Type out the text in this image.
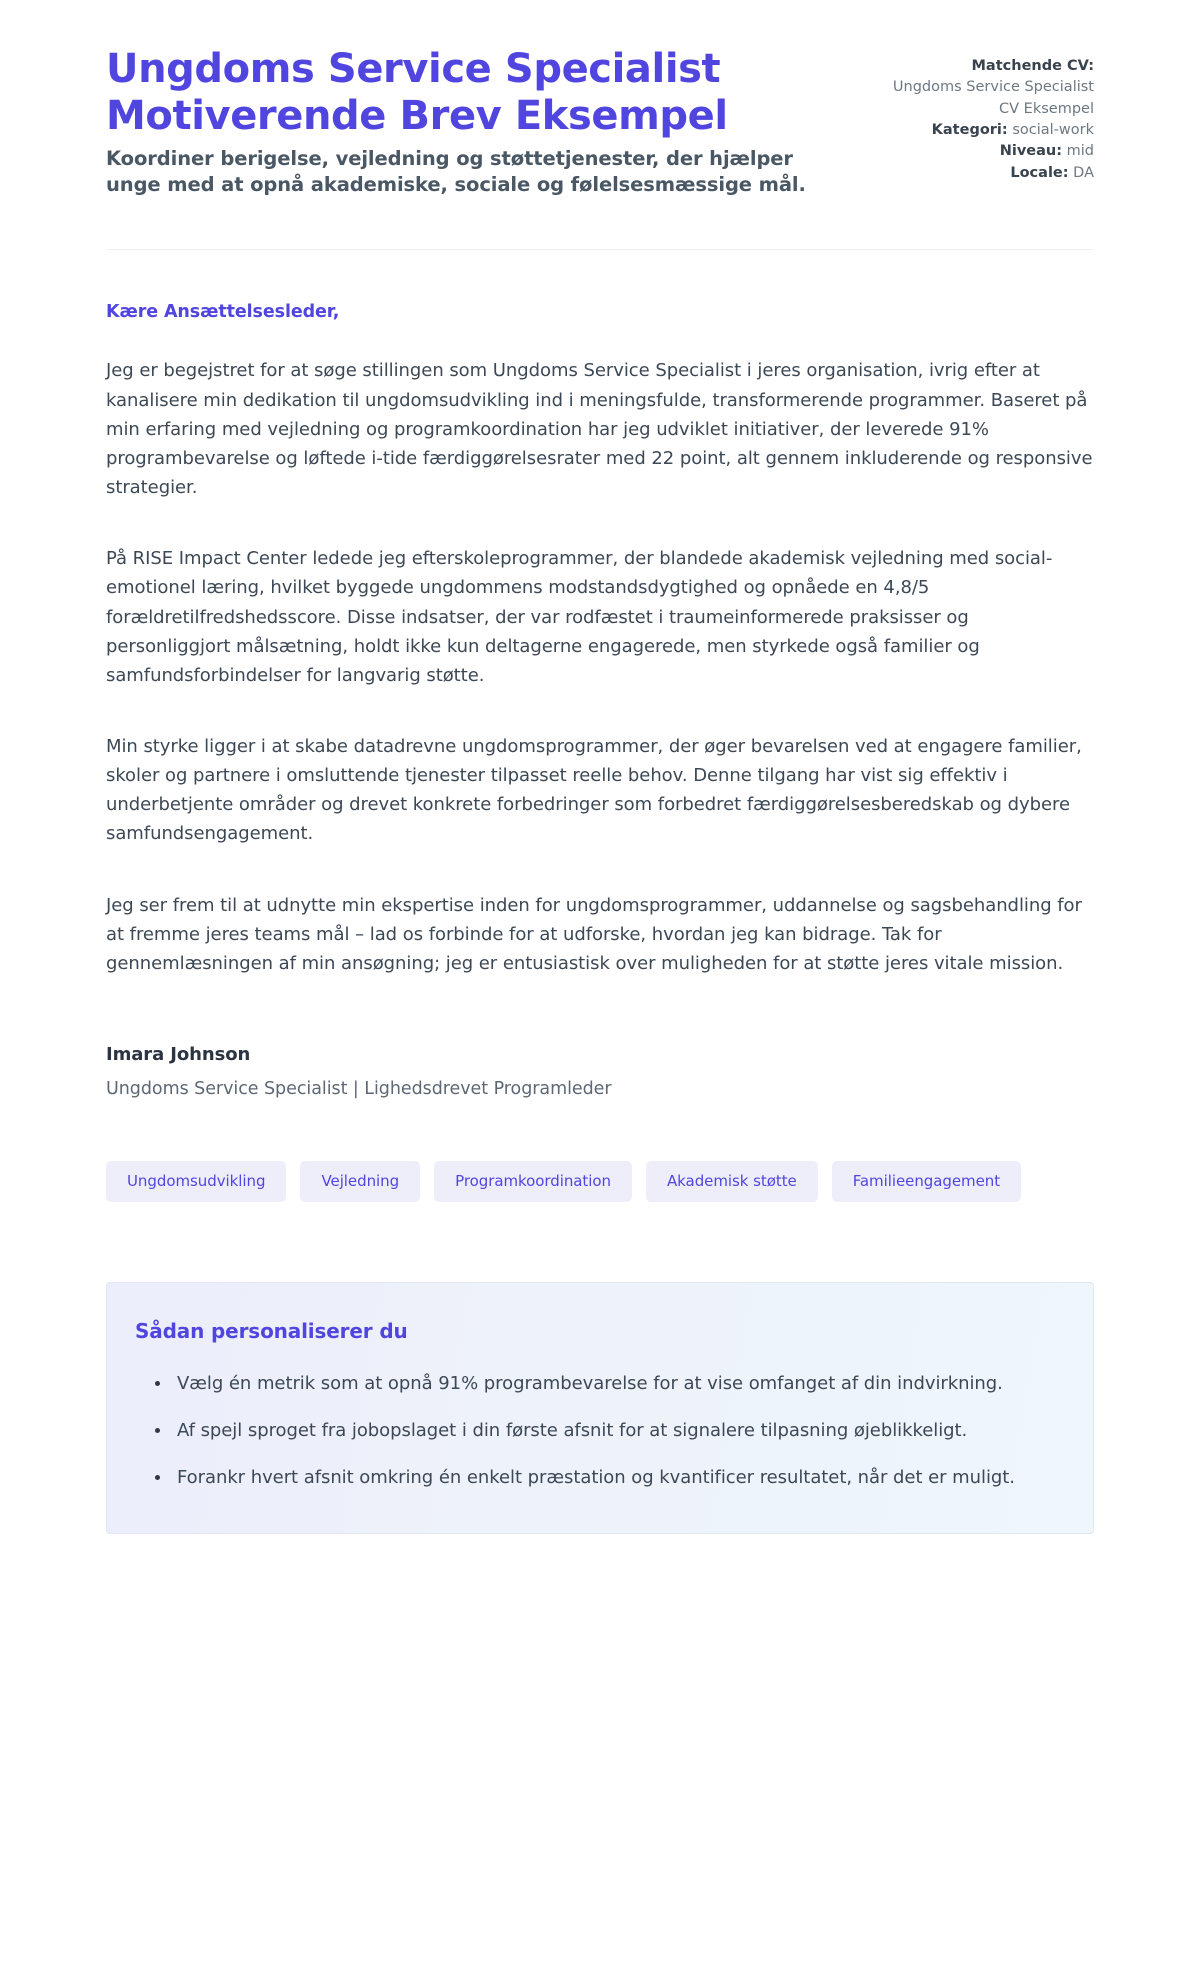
Ungdoms Service Specialist Motiverende Brev Eksempel

Koordiner berigelse, vejledning og støttetjenester, der hjælper unge med at opnå akademiske, sociale og følelsesmæssige mål.

Matchende CV:
Ungdoms Service Specialist CV Eksempel
Kategori: social-work
Niveau: mid
Locale: DA

Kære Ansættelsesleder,

Jeg er begejstret for at søge stillingen som Ungdoms Service Specialist i jeres organisation, ivrig efter at kanalisere min dedikation til ungdomsudvikling ind i meningsfulde, transformerende programmer. Baseret på min erfaring med vejledning og programkoordination har jeg udviklet initiativer, der leverede 91% programbevarelse og løftede i-tide færdiggørelsesrater med 22 point, alt gennem inkluderende og responsive strategier.

På RISE Impact Center ledede jeg efterskoleprogrammer, der blandede akademisk vejledning med social-emotionel læring, hvilket byggede ungdommens modstandsdygtighed og opnåede en 4,8/5 forældretilfredshedsscore. Disse indsatser, der var rodfæstet i traumeinformerede praksisser og personliggjort målsætning, holdt ikke kun deltagerne engagerede, men styrkede også familier og samfundsforbindelser for langvarig støtte.

Min styrke ligger i at skabe datadrevne ungdomsprogrammer, der øger bevarelsen ved at engagere familier, skoler og partnere i omsluttende tjenester tilpasset reelle behov. Denne tilgang har vist sig effektiv i underbetjente områder og drevet konkrete forbedringer som forbedret færdiggørelsesberedskab og dybere samfundsengagement.

Jeg ser frem til at udnytte min ekspertise inden for ungdomsprogrammer, uddannelse og sagsbehandling for at fremme jeres teams mål – lad os forbinde for at udforske, hvordan jeg kan bidrage. Tak for gennemlæsningen af min ansøgning; jeg er entusiastisk over muligheden for at støtte jeres vitale mission.

Imara Johnson

Ungdoms Service Specialist | Lighedsdrevet Programleder

Ungdomsudvikling	Vejledning	Programkoordination	Akademisk støtte	Familieengagement
Sådan personaliserer du
Vælg én metrik som at opnå 91% programbevarelse for at vise omfanget af din indvirkning.
Af spejl sproget fra jobopslaget i din første afsnit for at signalere tilpasning øjeblikkeligt.
Forankr hvert afsnit omkring én enkelt præstation og kvantificer resultatet, når det er muligt.
